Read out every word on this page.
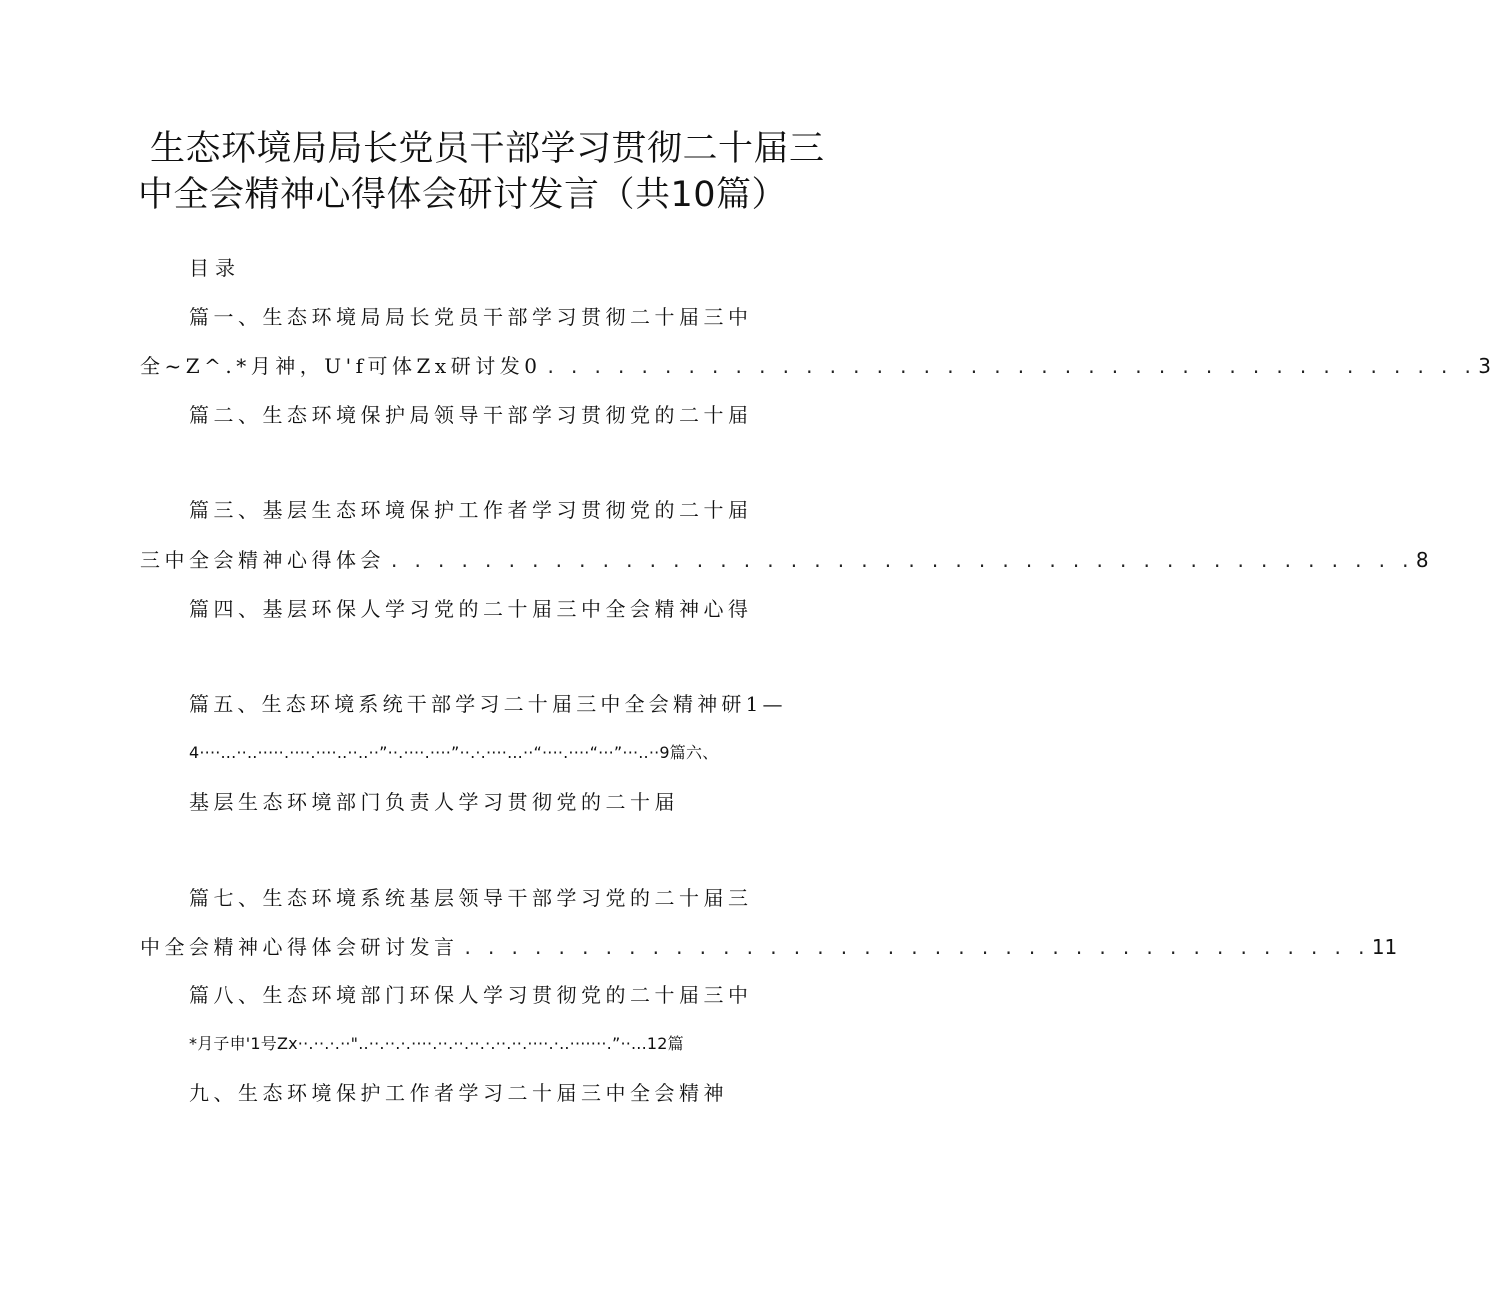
生态环境局局长党员干部学习贯彻二十届三
中全会精神心得体会研讨发言（共10篇）
目录
篇一、生态环境局局长党员干部学习贯彻二十届三中
全~Z^.*月神，U'f可体Zx研讨发0 . . . . . . . . . . . . . . . . . . . . . . . . . . . . . . . . . . . . . . . . 3
篇二、生态环境保护局领导干部学习贯彻党的二十届
篇三、基层生态环境保护工作者学习贯彻党的二十届
三中全会精神心得体会 . . . . . . . . . . . . . . . . . . . . . . . . . . . . . . . . . . . . . . . . . . . . 8
篇四、基层环保人学习党的二十届三中全会精神心得
篇五、生态环境系统干部学习二十届三中全会精神研1—
4····...··..·····.····.····..··..··”··.····.····”··.·.····...··“····.····“···”···..··9篇六、
基层生态环境部门负责人学习贯彻党的二十届
篇七、生态环境系统基层领导干部学习党的二十届三
中全会精神心得体会研讨发言 . . . . . . . . . . . . . . . . . . . . . . . . . . . . . . . . . . . . . . . 11
篇八、生态环境部门环保人学习贯彻党的二十届三中
*月子申'1号Zx··.··.·.··"..··.··.·.····.··.··.··.·.··.··.····.·..·······.”··...12篇
九、生态环境保护工作者学习二十届三中全会精神
